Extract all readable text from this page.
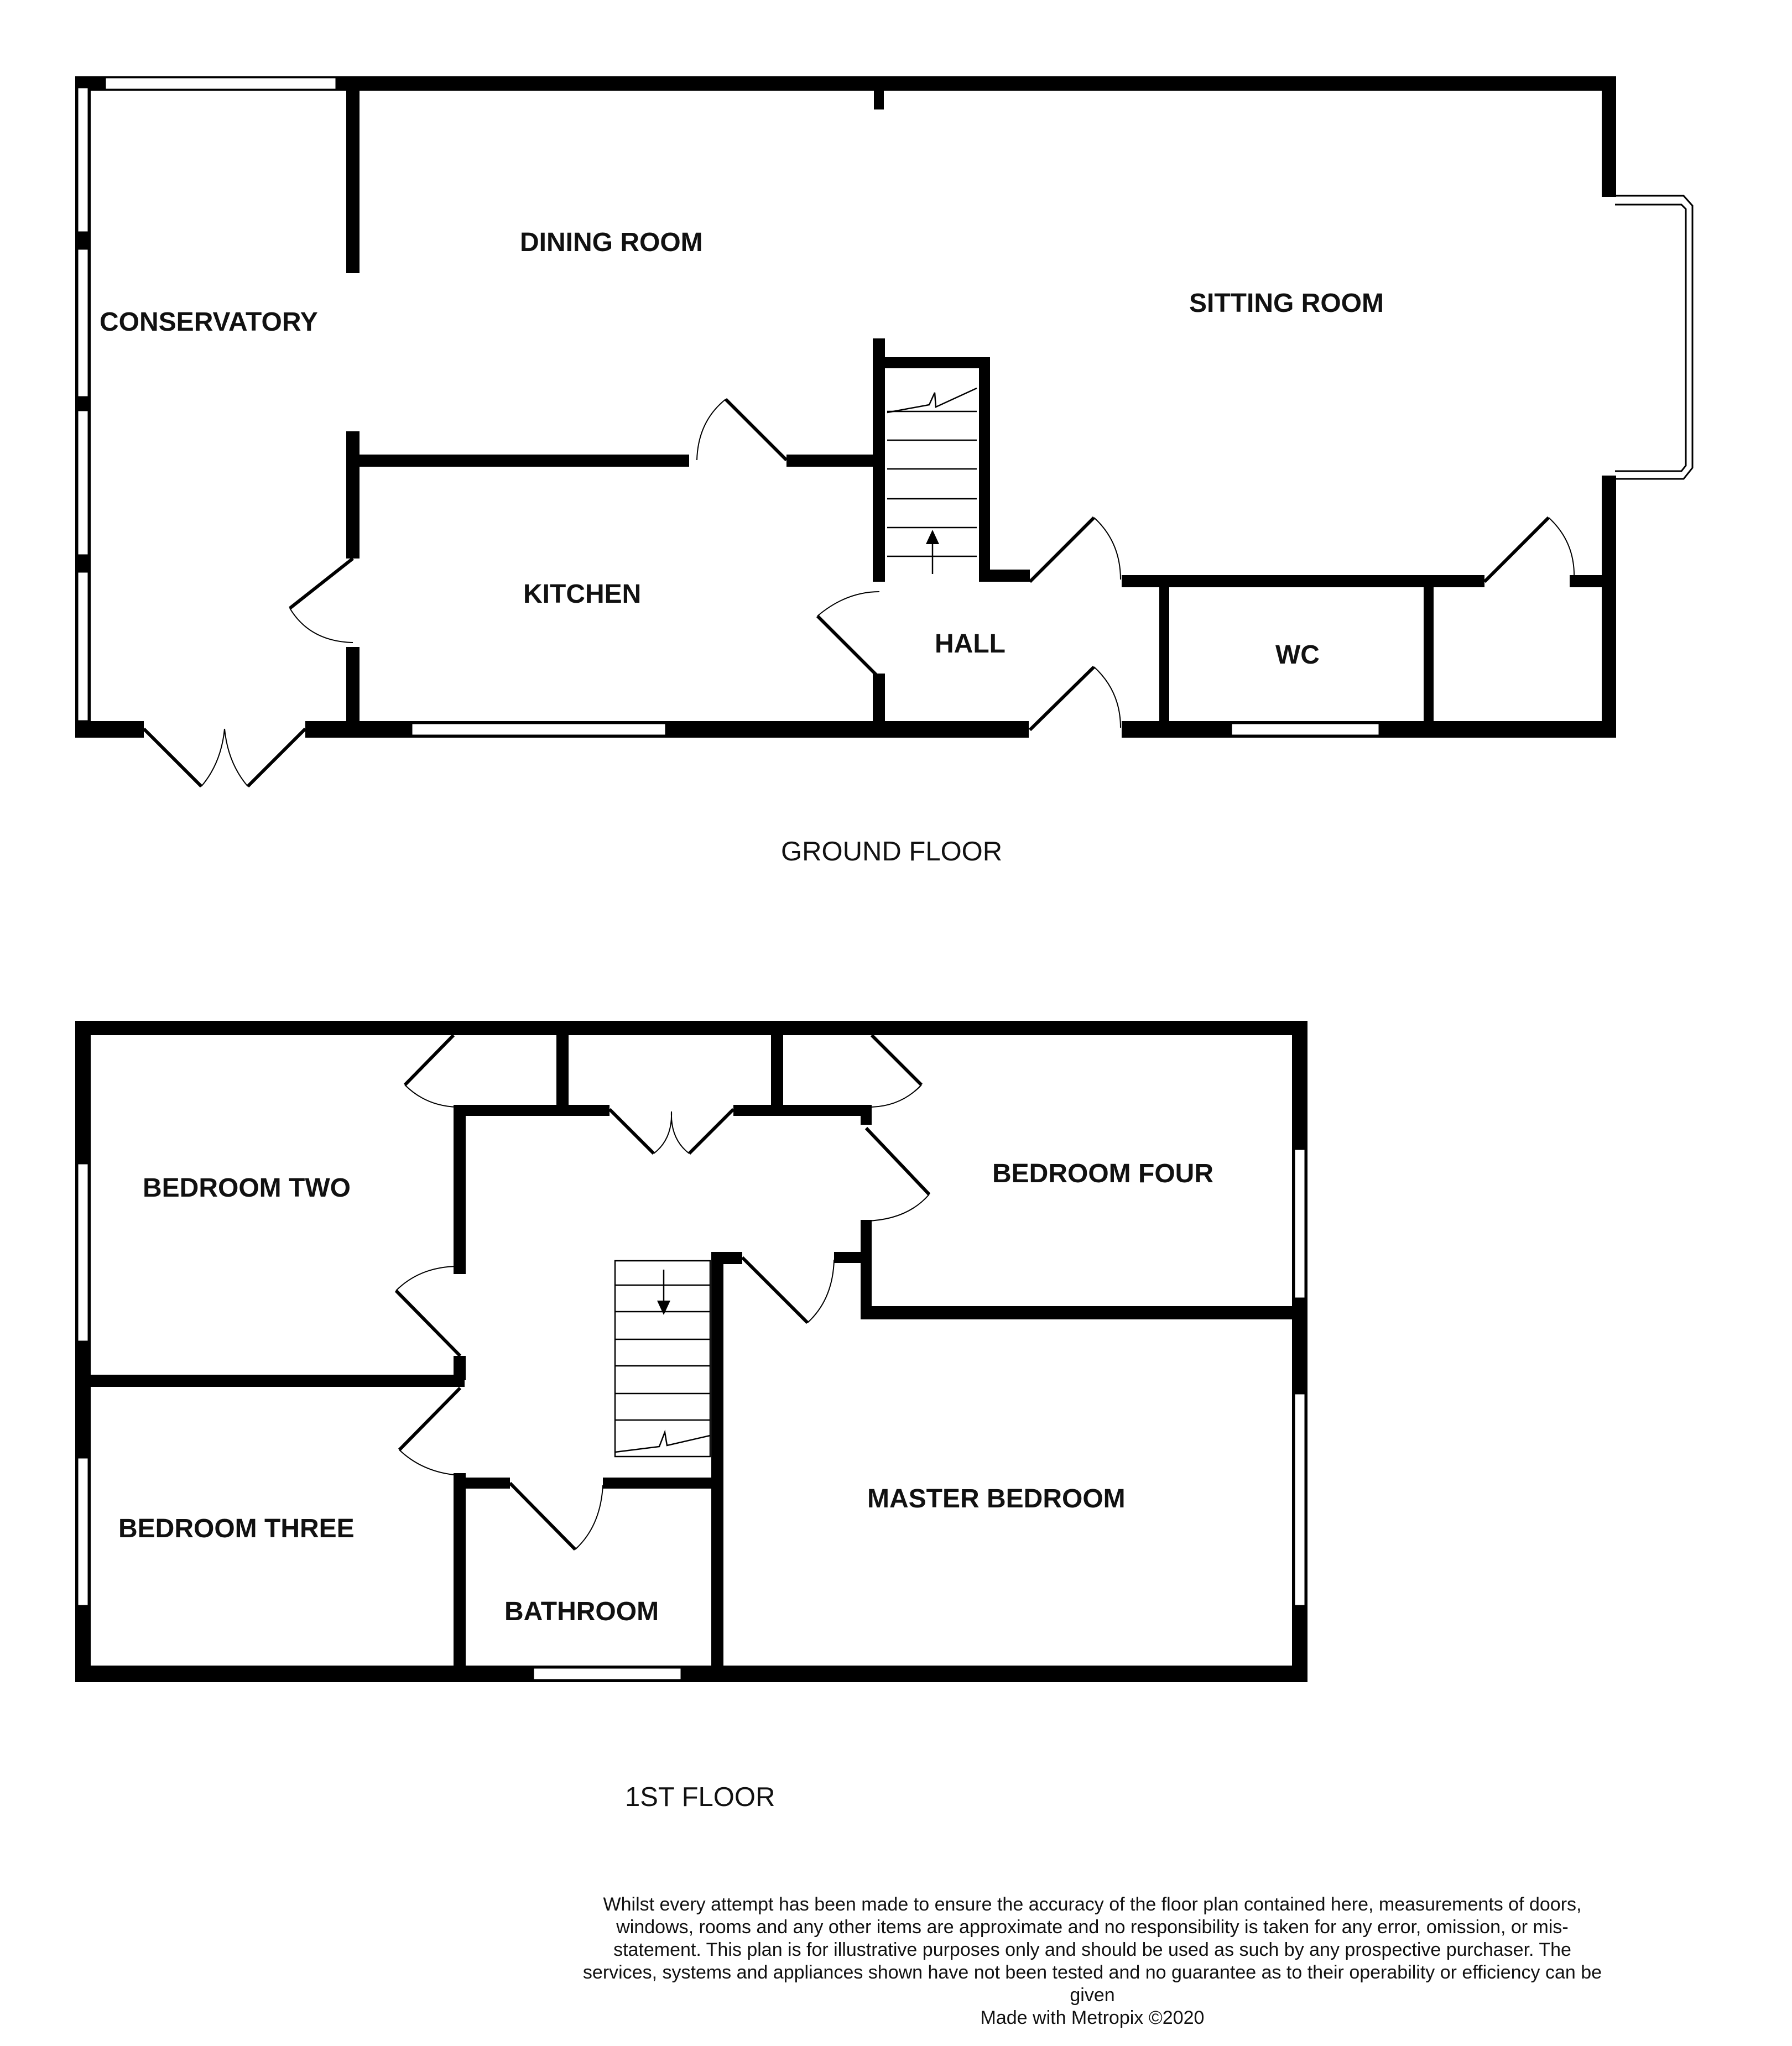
CONSERVATORY
DINING ROOM
SITTING ROOM
KITCHEN
HALL	WC
GROUND FLOOR
BEDROOM TWO	BEDROOM FOUR
BEDROOM THREE
MASTER BEDROOM
BATHROOM
1ST FLOOR
Whilst every attempt has been made to ensure the accuracy of the floor plan contained here, measurements of doors, windows, rooms and any other items are approximate and no responsibility is taken for any error, omission, or mis-statement. This plan is for illustrative purposes only and should be used as such by any prospective purchaser. The services, systems and appliances shown have not been tested and no guarantee as to their operability or efficiency can be given
Made with Metropix ©2020
